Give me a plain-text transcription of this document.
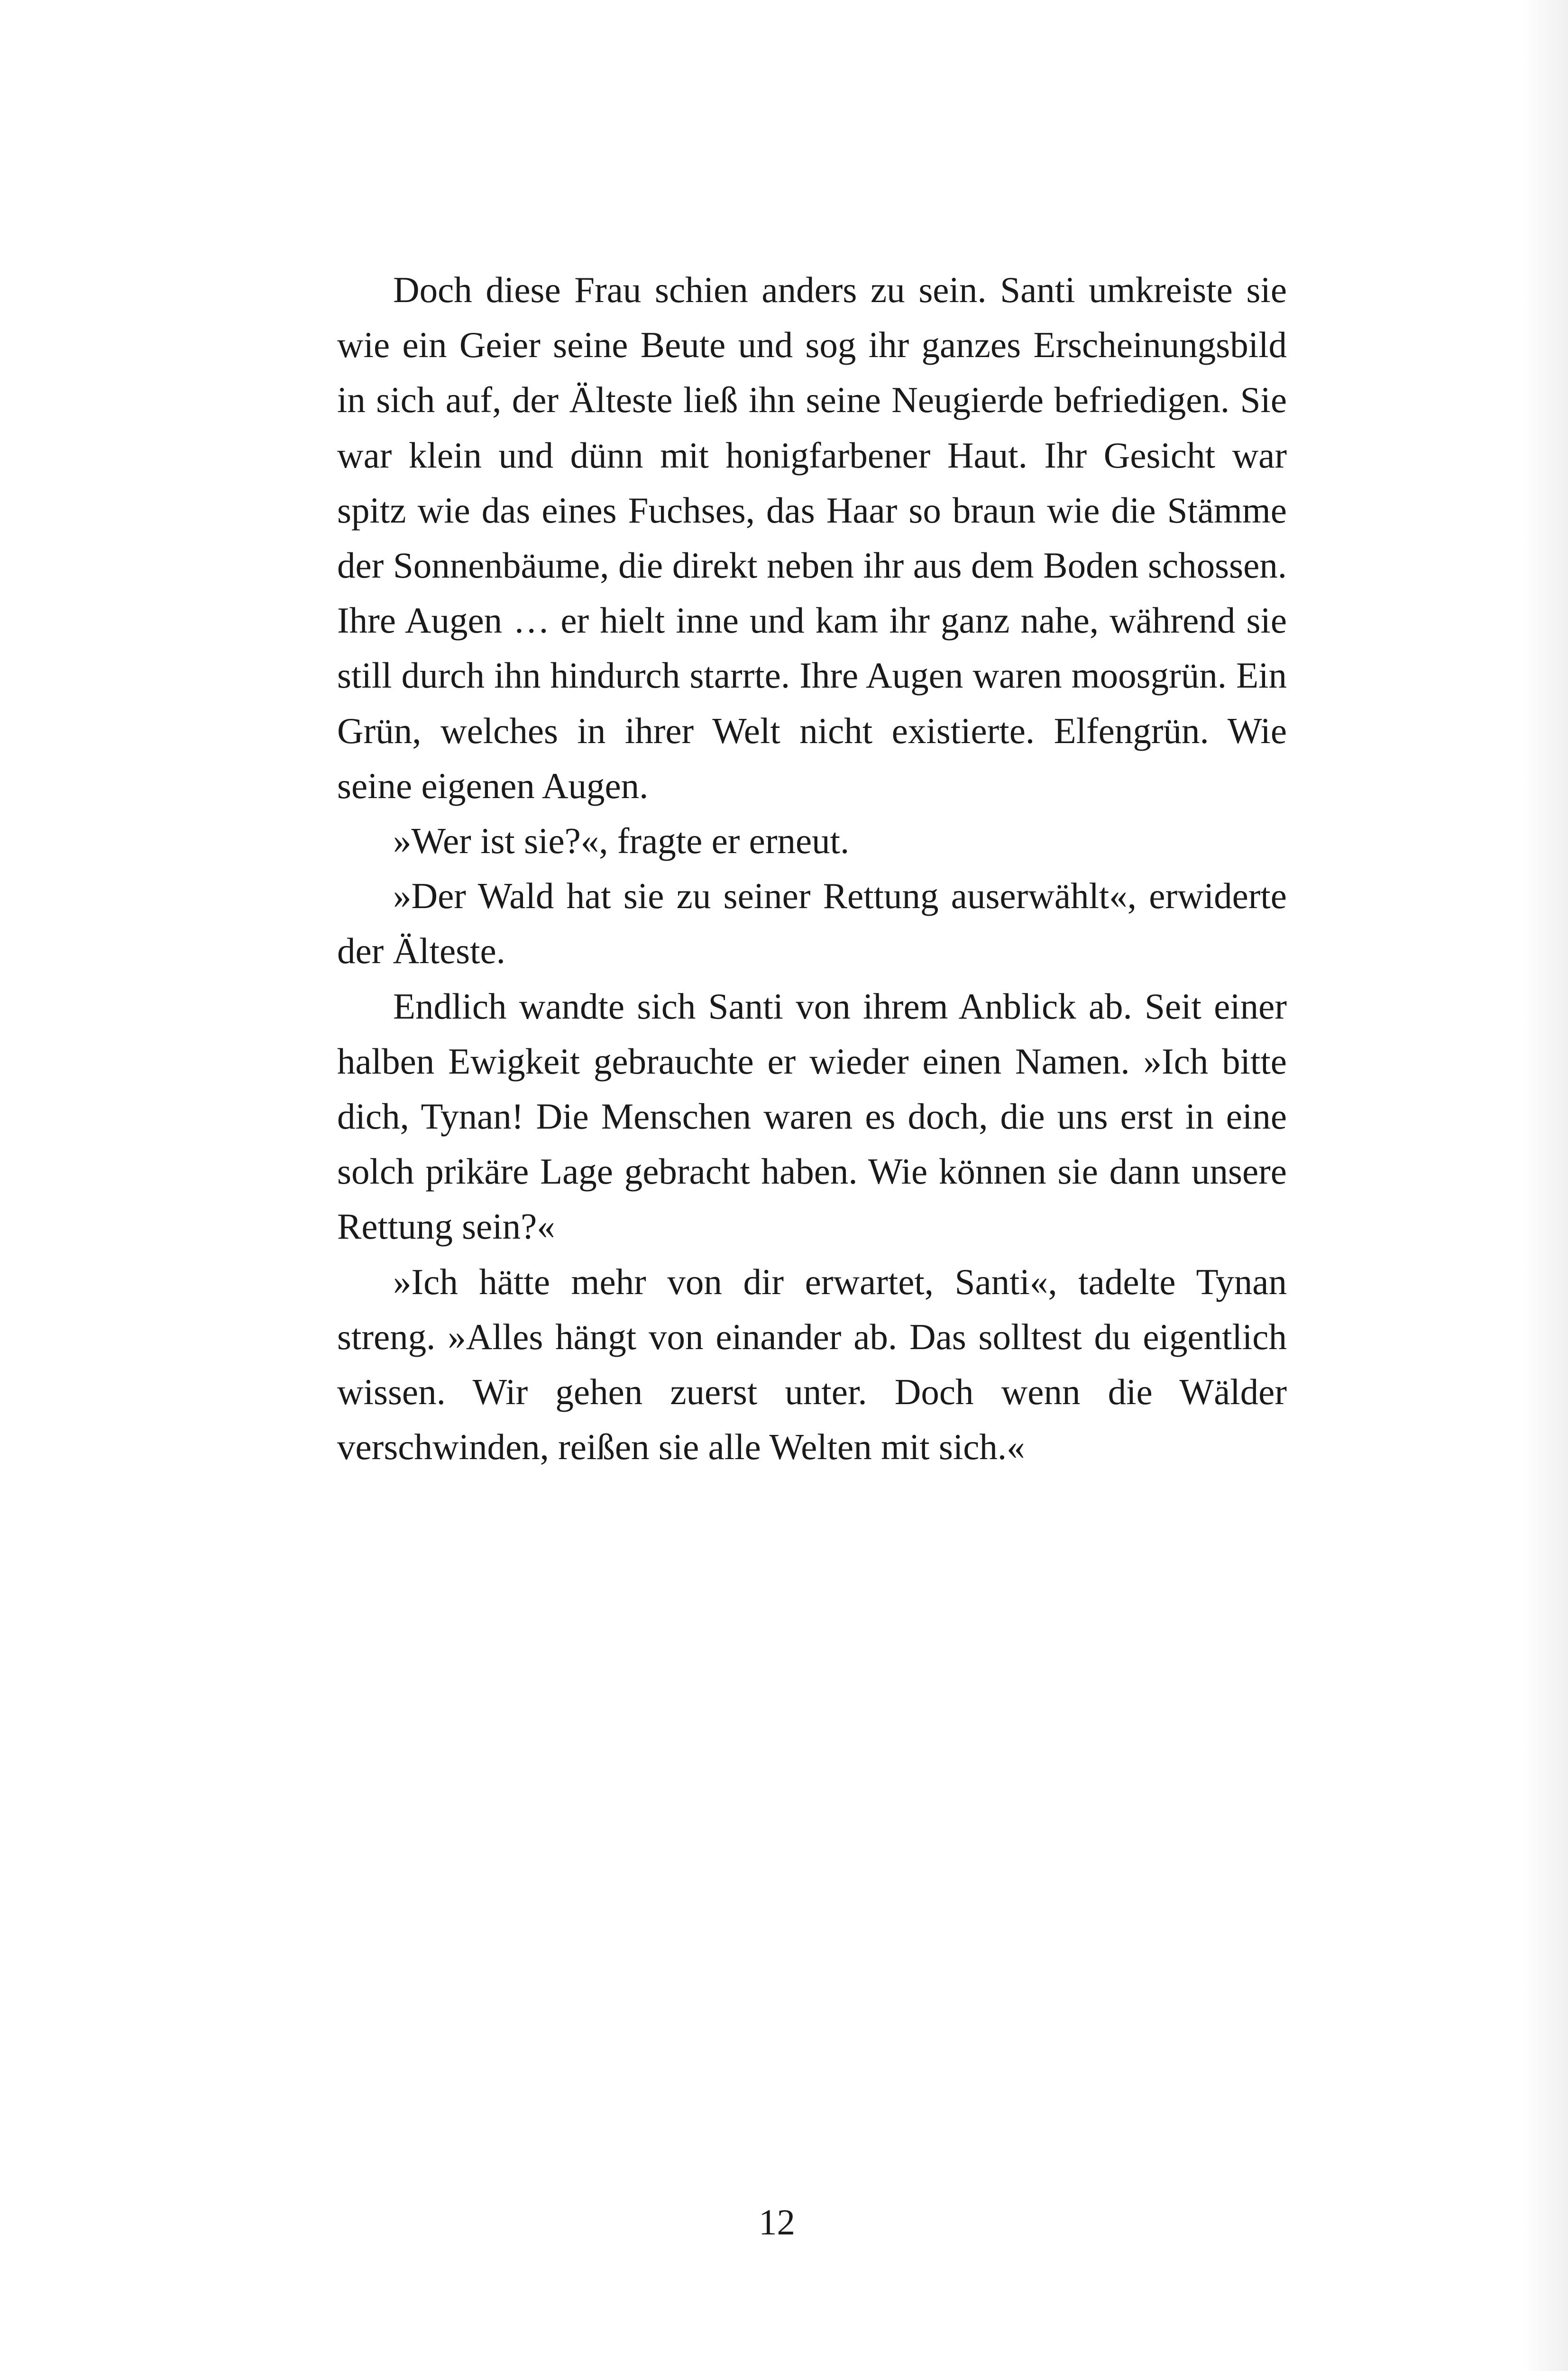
Doch diese Frau schien anders zu sein. Santi umkreiste sie wie ein Geier seine Beute und sog ihr ganzes Erscheinungsbild in sich auf, der Älteste ließ ihn seine Neugierde befriedigen. Sie war klein und dünn mit honigfarbener Haut. Ihr Gesicht war spitz wie das eines Fuchses, das Haar so braun wie die Stämme der Sonnenbäume, die direkt neben ihr aus dem Boden schossen. Ihre Augen … er hielt inne und kam ihr ganz nahe, während sie still durch ihn hindurch starrte. Ihre Augen waren moosgrün. Ein Grün, welches in ihrer Welt nicht existierte. Elfengrün. Wie seine eigenen Augen.

»Wer ist sie?«, fragte er erneut.

»Der Wald hat sie zu seiner Rettung auserwählt«, erwiderte der Älteste.

Endlich wandte sich Santi von ihrem Anblick ab. Seit einer halben Ewigkeit gebrauchte er wieder einen Namen. »Ich bitte dich, Tynan! Die Menschen waren es doch, die uns erst in eine solch prikäre Lage gebracht haben. Wie können sie dann unsere Rettung sein?«

»Ich hätte mehr von dir erwartet, Santi«, tadelte Tynan streng. »Alles hängt von einander ab. Das solltest du eigentlich wissen. Wir gehen zuerst unter. Doch wenn die Wälder verschwinden, reißen sie alle Welten mit sich.«

12
